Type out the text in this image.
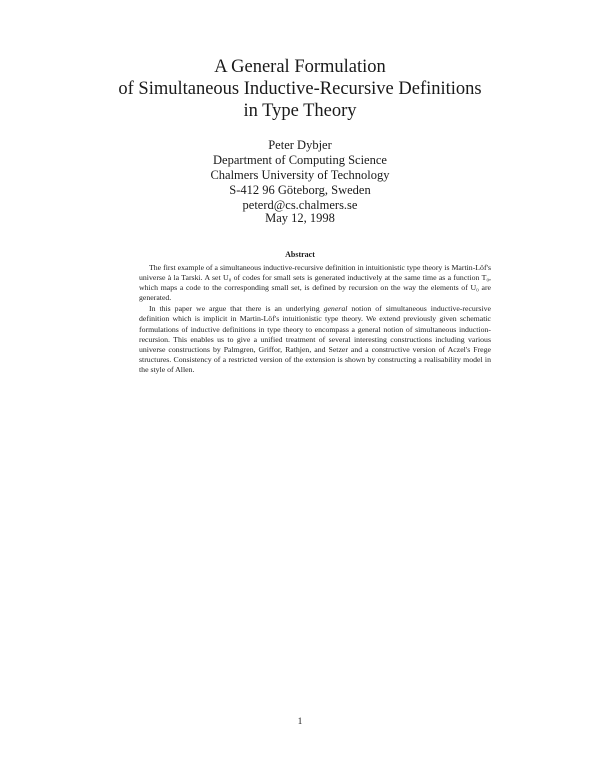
A General Formulation
of Simultaneous Inductive-Recursive Definitions
in Type Theory
Peter Dybjer
Department of Computing Science
Chalmers University of Technology
S-412 96 Göteborg, Sweden
peterd@cs.chalmers.se
May 12, 1998
Abstract

The first example of a simultaneous inductive-recursive definition in intuitionistic type theory is Martin-Löf's universe à la Tarski. A set U₀ of codes for small sets is generated inductively at the same time as a function T₀, which maps a code to the corresponding small set, is defined by recursion on the way the elements of U₀ are generated.

In this paper we argue that there is an underlying general notion of simultaneous inductive-recursive definition which is implicit in Martin-Löf's intuitionistic type theory. We extend previously given schematic formulations of inductive definitions in type theory to encompass a general notion of simultaneous induction-recursion. This enables us to give a unified treatment of several interesting constructions including various universe constructions by Palmgren, Griffor, Rathjen, and Setzer and a constructive version of Aczel's Frege structures. Consistency of a restricted version of the extension is shown by constructing a realisability model in the style of Allen.

1
